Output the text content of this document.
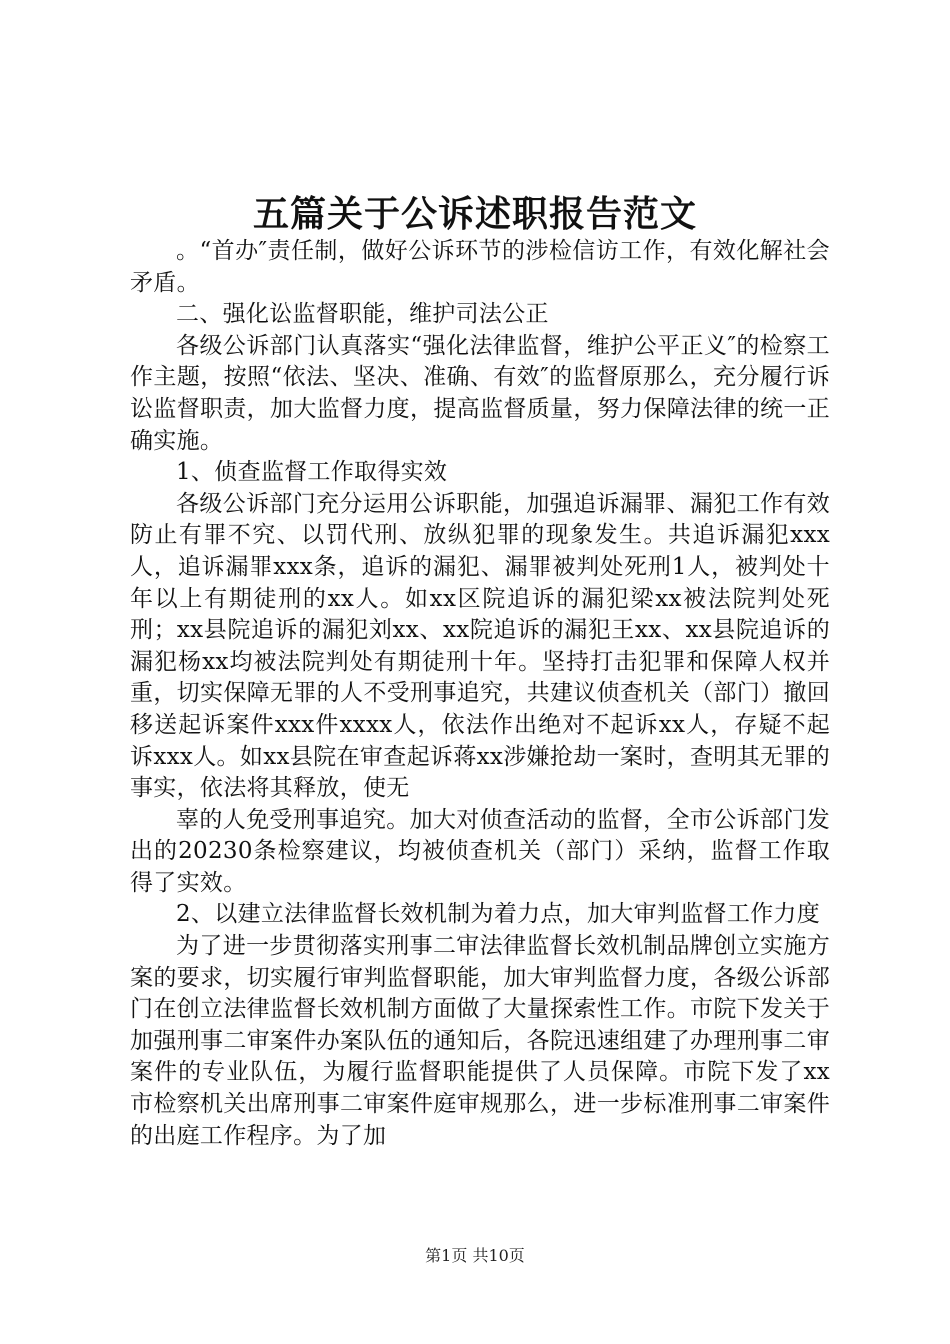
五篇关于公诉述职报告范文

。“首办″责任制，做好公诉环节的涉检信访工作，有效化解社会矛盾。

二、强化讼监督职能，维护司法公正

各级公诉部门认真落实“强化法律监督，维护公平正义″的检察工作主题，按照“依法、坚决、准确、有效″的监督原那么，充分履行诉讼监督职责，加大监督力度，提高监督质量，努力保障法律的统一正确实施。

1、侦查监督工作取得实效

各级公诉部门充分运用公诉职能，加强追诉漏罪、漏犯工作有效防止有罪不究、以罚代刑、放纵犯罪的现象发生。共追诉漏犯xxx人，追诉漏罪xxx条，追诉的漏犯、漏罪被判处死刑1人，被判处十年以上有期徒刑的xx人。如xx区院追诉的漏犯梁xx被法院判处死刑；xx县院追诉的漏犯刘xx、xx院追诉的漏犯王xx、xx县院追诉的漏犯杨xx均被法院判处有期徒刑十年。坚持打击犯罪和保障人权并重，切实保障无罪的人不受刑事追究，共建议侦查机关（部门）撤回移送起诉案件xxx件xxxx人，依法作出绝对不起诉xx人，存疑不起诉xxx人。如xx县院在审查起诉蒋xx涉嫌抢劫一案时，查明其无罪的事实，依法将其释放，使无

辜的人免受刑事追究。加大对侦查活动的监督，全市公诉部门发出的20230条检察建议，均被侦查机关（部门）采纳，监督工作取得了实效。

2、以建立法律监督长效机制为着力点，加大审判监督工作力度

为了进一步贯彻落实刑事二审法律监督长效机制品牌创立实施方案的要求，切实履行审判监督职能，加大审判监督力度，各级公诉部门在创立法律监督长效机制方面做了大量探索性工作。市院下发关于加强刑事二审案件办案队伍的通知后，各院迅速组建了办理刑事二审案件的专业队伍，为履行监督职能提供了人员保障。市院下发了xx市检察机关出席刑事二审案件庭审规那么，进一步标准刑事二审案件的出庭工作程序。为了加

第1页 共10页
